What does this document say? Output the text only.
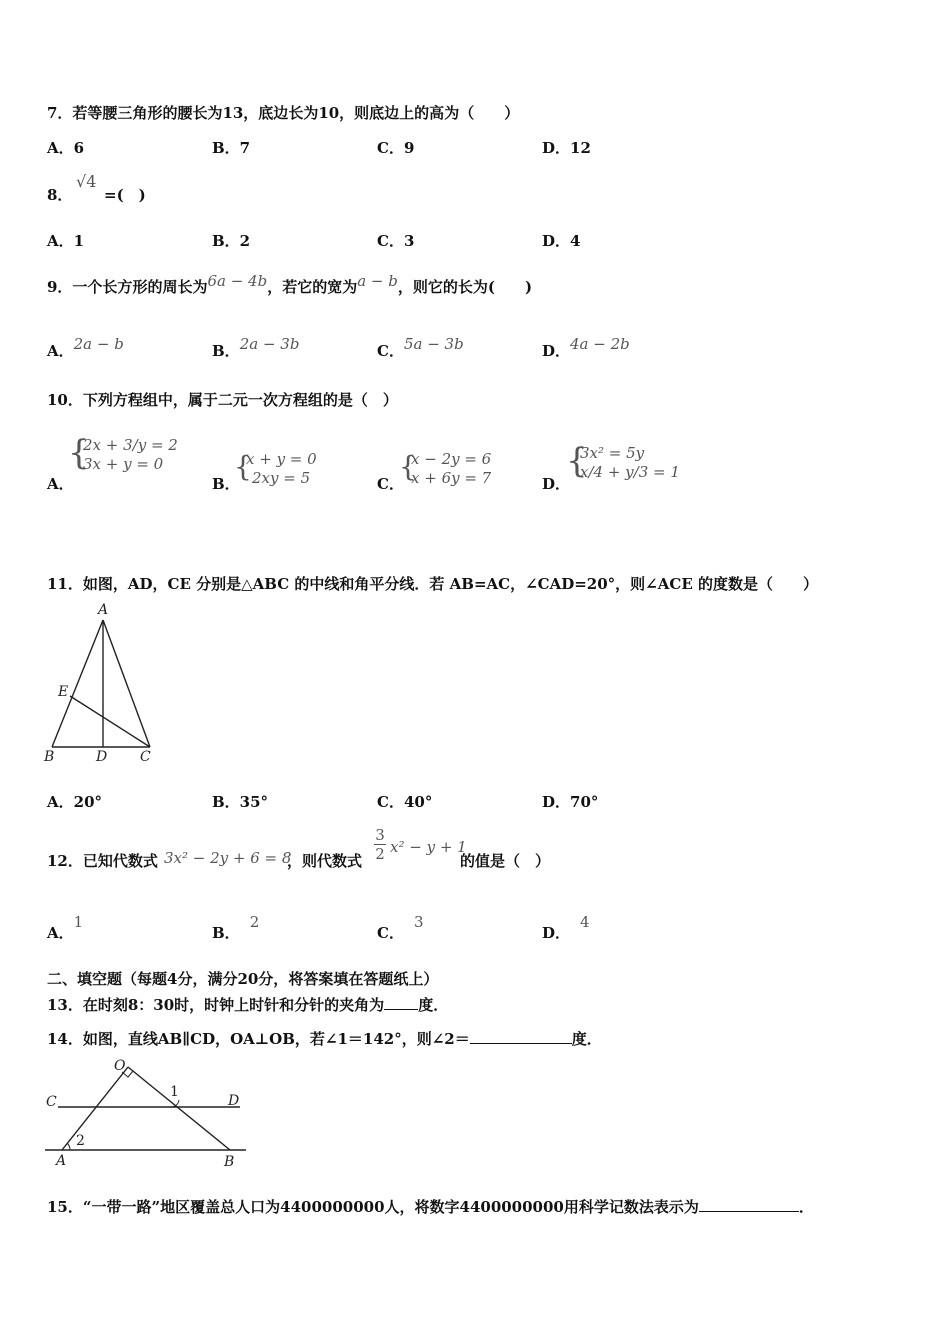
7．若等腰三角形的腰长为13，底边长为10，则底边上的高为（　　）
A．6	B．7	C．9	D．12
8．
√4
=(　)
A．1	B．2	C．3	D．4
9．一个长方形的周长为6a − 4b，若它的宽为a − b，则它的长为(　　)
A．2a − b	B．2a − 3b	C．5a − 3b	D．4a − 2b
10．下列方程组中，属于二元一次方程组的是（　）
A．
{
2x + 3/y = 2
3x + y = 0
B．
{
x + y = 0
2xy = 5	C．
{
x − 2y = 6
x + 6y = 7	D．
{
3x² = 5y
x/4 + y/3 = 1
11．如图，AD，CE 分别是△ABC 的中线和角平分线．若 AB=AC，∠CAD=20°，则∠ACE 的度数是（　　）
A
E
B	D C
A．20°	B．35°	C．40°	D．70°
12．已知代数式 3x² − 2y + 6 = 8
，则代数式 $\frac{3}{2} x^2 - y + 1$
的值是（　）
A．1
B．2
C．3
D．4
二、填空题（每题4分，满分20分，将答案填在答题纸上）
13．在时刻8：30时，时钟上时针和分针的夹角为 度．
14．如图，直线AB∥CD，OA⊥OB，若∠1＝142°，则∠2＝	度．
O
C
1
D
2
A	B
15．“一带一路”地区覆盖总人口为4400000000人，将数字4400000000用科学记数法表示为	．
